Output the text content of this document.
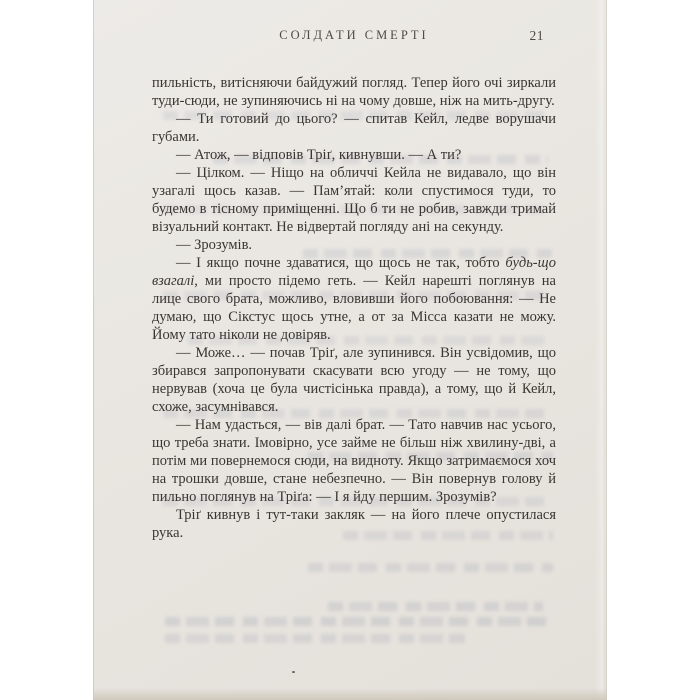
СОЛДАТИ СМЕРТІ	21

пильність, витісняючи байдужий погляд. Тепер його очі зиркали туди-сюди, не зупиняючись ні на чому довше, ніж на мить-другу.

— Ти готовий до цього? — спитав Кейл, ледве ворушачи губами.

— Атож, — відповів Тріґ, кивнувши. — А ти?

— Цілком. — Ніщо на обличчі Кейла не видавало, що він узагалі щось казав. — Пам’ятай: коли спустимося туди, то будемо в тісному приміщенні. Що б ти не робив, завжди тримай візуальний контакт. Не відвертай погляду ані на секунду.

— Зрозумів.

— І якщо почне здаватися, що щось не так, тобто будь-що взагалі, ми просто підемо геть. — Кейл нарешті поглянув на лице свого брата, можливо, вловивши його побоювання: — Не думаю, що Сікстус щось утне, а от за Місса казати не можу. Йому тато ніколи не довіряв.

— Може… — почав Тріґ, але зупинився. Він усвідомив, що збирався запропонувати скасувати всю угоду — не тому, що нервував (хоча це була чистісінька правда), а тому, що й Кейл, схоже, засумнівався.

— Нам удасться, — вів далі брат. — Тато навчив нас усього, що треба знати. Імовірно, усе займе не більш ніж хвилину-дві, а потім ми повернемося сюди, на видноту. Якщо затримаємося хоч на трошки довше, стане небезпечно. — Він повернув голову й пильно поглянув на Тріґа: — І я йду першим. Зрозумів?

Тріґ кивнув і тут-таки закляк — на його плече опустилася рука.
